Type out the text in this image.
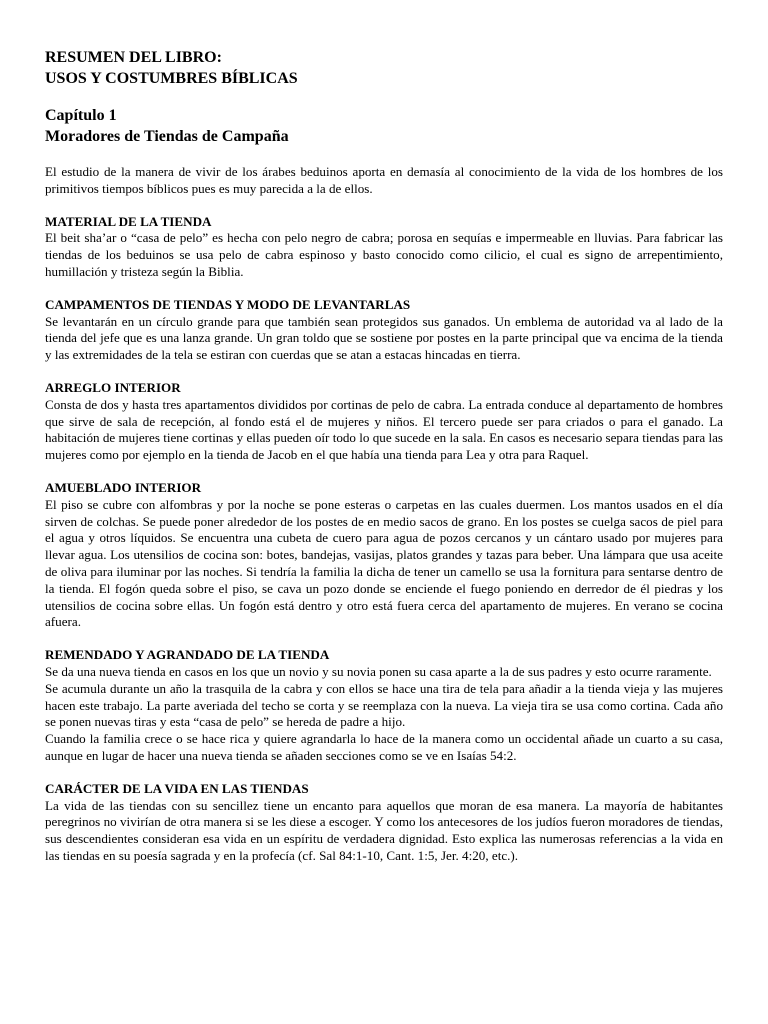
RESUMEN DEL LIBRO:
USOS Y COSTUMBRES BÍBLICAS
Capítulo 1
Moradores de Tiendas de Campaña

El estudio de la manera de vivir de los árabes beduinos aporta en demasía al conocimiento de la vida de los hombres de los primitivos tiempos bíblicos pues es muy parecida a la de ellos.

MATERIAL DE LA TIENDA

El beit sha’ar o “casa de pelo” es hecha con pelo negro de cabra; porosa en sequías e impermeable en lluvias. Para fabricar las tiendas de los beduinos se usa pelo de cabra espinoso y basto conocido como cilicio, el cual es signo de arrepentimiento, humillación y tristeza según la Biblia.

CAMPAMENTOS DE TIENDAS Y MODO DE LEVANTARLAS

Se levantarán en un círculo grande para que también sean protegidos sus ganados. Un emblema de autoridad va al lado de la tienda del jefe que es una lanza grande. Un gran toldo que se sostiene por postes en la parte principal que va encima de la tienda y las extremidades de la tela se estiran con cuerdas que se atan a estacas hincadas en tierra.

ARREGLO INTERIOR

Consta de dos y hasta tres apartamentos divididos por cortinas de pelo de cabra. La entrada conduce al departamento de hombres que sirve de sala de recepción, al fondo está el de mujeres y niños. El tercero puede ser para criados o para el ganado. La habitación de mujeres tiene cortinas y ellas pueden oír todo lo que sucede en la sala. En casos es necesario separa tiendas para las mujeres como por ejemplo en la tienda de Jacob en el que había una tienda para Lea y otra para Raquel.

AMUEBLADO INTERIOR

El piso se cubre con alfombras y por la noche se pone esteras o carpetas en las cuales duermen. Los mantos usados en el día sirven de colchas. Se puede poner alrededor de los postes de en medio sacos de grano. En los postes se cuelga sacos de piel para el agua y otros líquidos. Se encuentra una cubeta de cuero para agua de pozos cercanos y un cántaro usado por mujeres para llevar agua. Los utensilios de cocina son: botes, bandejas, vasijas, platos grandes y tazas para beber. Una lámpara que usa aceite de oliva para iluminar por las noches. Si tendría la familia la dicha de tener un camello se usa la fornitura para sentarse dentro de la tienda. El fogón queda sobre el piso, se cava un pozo donde se enciende el fuego poniendo en derredor de él piedras y los utensilios de cocina sobre ellas. Un fogón está dentro y otro está fuera cerca del apartamento de mujeres. En verano se cocina afuera.

REMENDADO Y AGRANDADO DE LA TIENDA

Se da una nueva tienda en casos en los que un novio y su novia ponen su casa aparte a la de sus padres y esto ocurre raramente.

Se acumula durante un año la trasquila de la cabra y con ellos se hace una tira de tela para añadir a la tienda vieja y las mujeres hacen este trabajo. La parte averiada del techo se corta y se reemplaza con la nueva. La vieja tira se usa como cortina. Cada año se ponen nuevas tiras y esta “casa de pelo” se hereda de padre a hijo.

Cuando la familia crece o se hace rica y quiere agrandarla lo hace de la manera como un occidental añade un cuarto a su casa, aunque en lugar de hacer una nueva tienda se añaden secciones como se ve en Isaías 54:2.

CARÁCTER DE LA VIDA EN LAS TIENDAS

La vida de las tiendas con su sencillez tiene un encanto para aquellos que moran de esa manera. La mayoría de habitantes peregrinos no vivirían de otra manera si se les diese a escoger. Y como los antecesores de los judíos fueron moradores de tiendas, sus descendientes consideran esa vida en un espíritu de verdadera dignidad. Esto explica las numerosas referencias a la vida en las tiendas en su poesía sagrada y en la profecía (cf. Sal 84:1-10, Cant. 1:5, Jer. 4:20, etc.).
